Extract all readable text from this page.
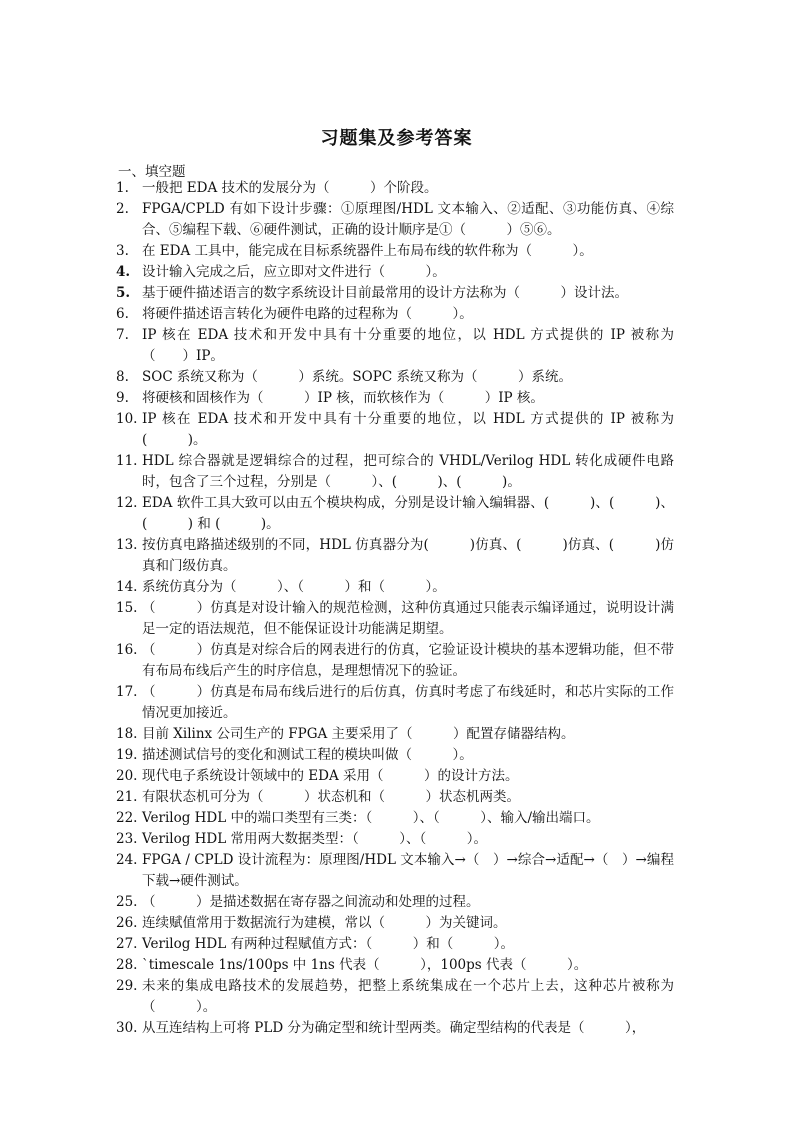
习题集及参考答案
一、填空题
1. 一般把 EDA 技术的发展分为（　　　）个阶段。
2. FPGA/CPLD 有如下设计步骤：①原理图/HDL 文本输入、②适配、③功能仿真、④综合、⑤编程下载、⑥硬件测试，正确的设计顺序是①（　　　）⑤⑥。
3. 在 EDA 工具中，能完成在目标系统器件上布局布线的软件称为（　　　）。
4. 设计输入完成之后，应立即对文件进行（　　　）。
5. 基于硬件描述语言的数字系统设计目前最常用的设计方法称为（　　　）设计法。
6. 将硬件描述语言转化为硬件电路的过程称为（　　　）。
7. IP 核在 EDA 技术和开发中具有十分重要的地位，以 HDL 方式提供的 IP 被称为（　　）IP。
8. SOC 系统又称为（　　　）系统。SOPC 系统又称为（　　　）系统。
9. 将硬核和固核作为（　　　）IP 核，而软核作为（　　　）IP 核。
10. IP 核在 EDA 技术和开发中具有十分重要的地位，以 HDL 方式提供的 IP 被称为(　　　)。
11. HDL 综合器就是逻辑综合的过程，把可综合的 VHDL/Verilog HDL 转化成硬件电路时，包含了三个过程，分别是（　　　）、(　　　)、(　　　)。
12. EDA 软件工具大致可以由五个模块构成，分别是设计输入编辑器、(　　　)、(　　　)、(　　　) 和 (　　　)。
13. 按仿真电路描述级别的不同，HDL 仿真器分为(　　　)仿真、(　　　)仿真、(　　　)仿真和门级仿真。
14. 系统仿真分为（　　　）、（　　　）和（　　　）。
15. （　　　）仿真是对设计输入的规范检测，这种仿真通过只能表示编译通过，说明设计满足一定的语法规范，但不能保证设计功能满足期望。
16. （　　　）仿真是对综合后的网表进行的仿真，它验证设计模块的基本逻辑功能，但不带有布局布线后产生的时序信息，是理想情况下的验证。
17. （　　　）仿真是布局布线后进行的后仿真，仿真时考虑了布线延时，和芯片实际的工作情况更加接近。
18. 目前 Xilinx 公司生产的 FPGA 主要采用了（　　　）配置存储器结构。
19. 描述测试信号的变化和测试工程的模块叫做（　　　）。
20. 现代电子系统设计领域中的 EDA 采用（　　　）的设计方法。
21. 有限状态机可分为（　　　）状态机和（　　　）状态机两类。
22. Verilog HDL 中的端口类型有三类：（　　　）、（　　　）、输入/输出端口。
23. Verilog HDL 常用两大数据类型：（　　　）、（　　　）。
24. FPGA / CPLD 设计流程为：原理图/HDL 文本输入→（　）→综合→适配→（　）→编程下载→硬件测试。
25. （　　　）是描述数据在寄存器之间流动和处理的过程。
26. 连续赋值常用于数据流行为建模，常以（　　　）为关键词。
27. Verilog HDL 有两种过程赋值方式：（　　　）和（　　　）。
28. `timescale 1ns/100ps 中 1ns 代表（　　　），100ps 代表（　　　）。
29. 未来的集成电路技术的发展趋势，把整上系统集成在一个芯片上去，这种芯片被称为（　　　）。
30. 从互连结构上可将 PLD 分为确定型和统计型两类。确定型结构的代表是（　　　），
